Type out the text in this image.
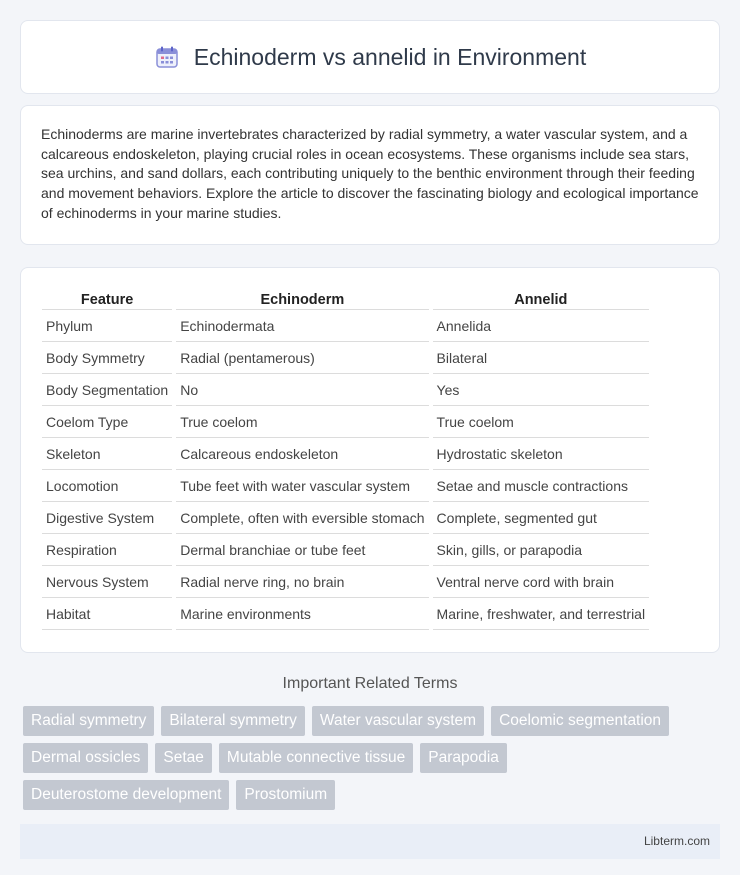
Echinoderm vs annelid in Environment

Echinoderms are marine invertebrates characterized by radial symmetry, a water vascular system, and a calcareous endoskeleton, playing crucial roles in ocean ecosystems. These organisms include sea stars, sea urchins, and sand dollars, each contributing uniquely to the benthic environment through their feeding and movement behaviors. Explore the article to discover the fascinating biology and ecological importance of echinoderms in your marine studies.

Feature	Echinoderm	Annelid
Phylum	Echinodermata	Annelida
Body Symmetry	Radial (pentamerous)	Bilateral
Body Segmentation	No	Yes
Coelom Type	True coelom	True coelom
Skeleton	Calcareous endoskeleton	Hydrostatic skeleton
Locomotion	Tube feet with water vascular system	Setae and muscle contractions
Digestive System	Complete, often with eversible stomach	Complete, segmented gut
Respiration	Dermal branchiae or tube feet	Skin, gills, or parapodia
Nervous System	Radial nerve ring, no brain	Ventral nerve cord with brain
Habitat	Marine environments	Marine, freshwater, and terrestrial
Important Related Terms
Radial symmetry	Bilateral symmetry	Water vascular system	Coelomic segmentation
Dermal ossicles	Setae	Mutable connective tissue	Parapodia
Deuterostome development	Prostomium
Libterm.com
